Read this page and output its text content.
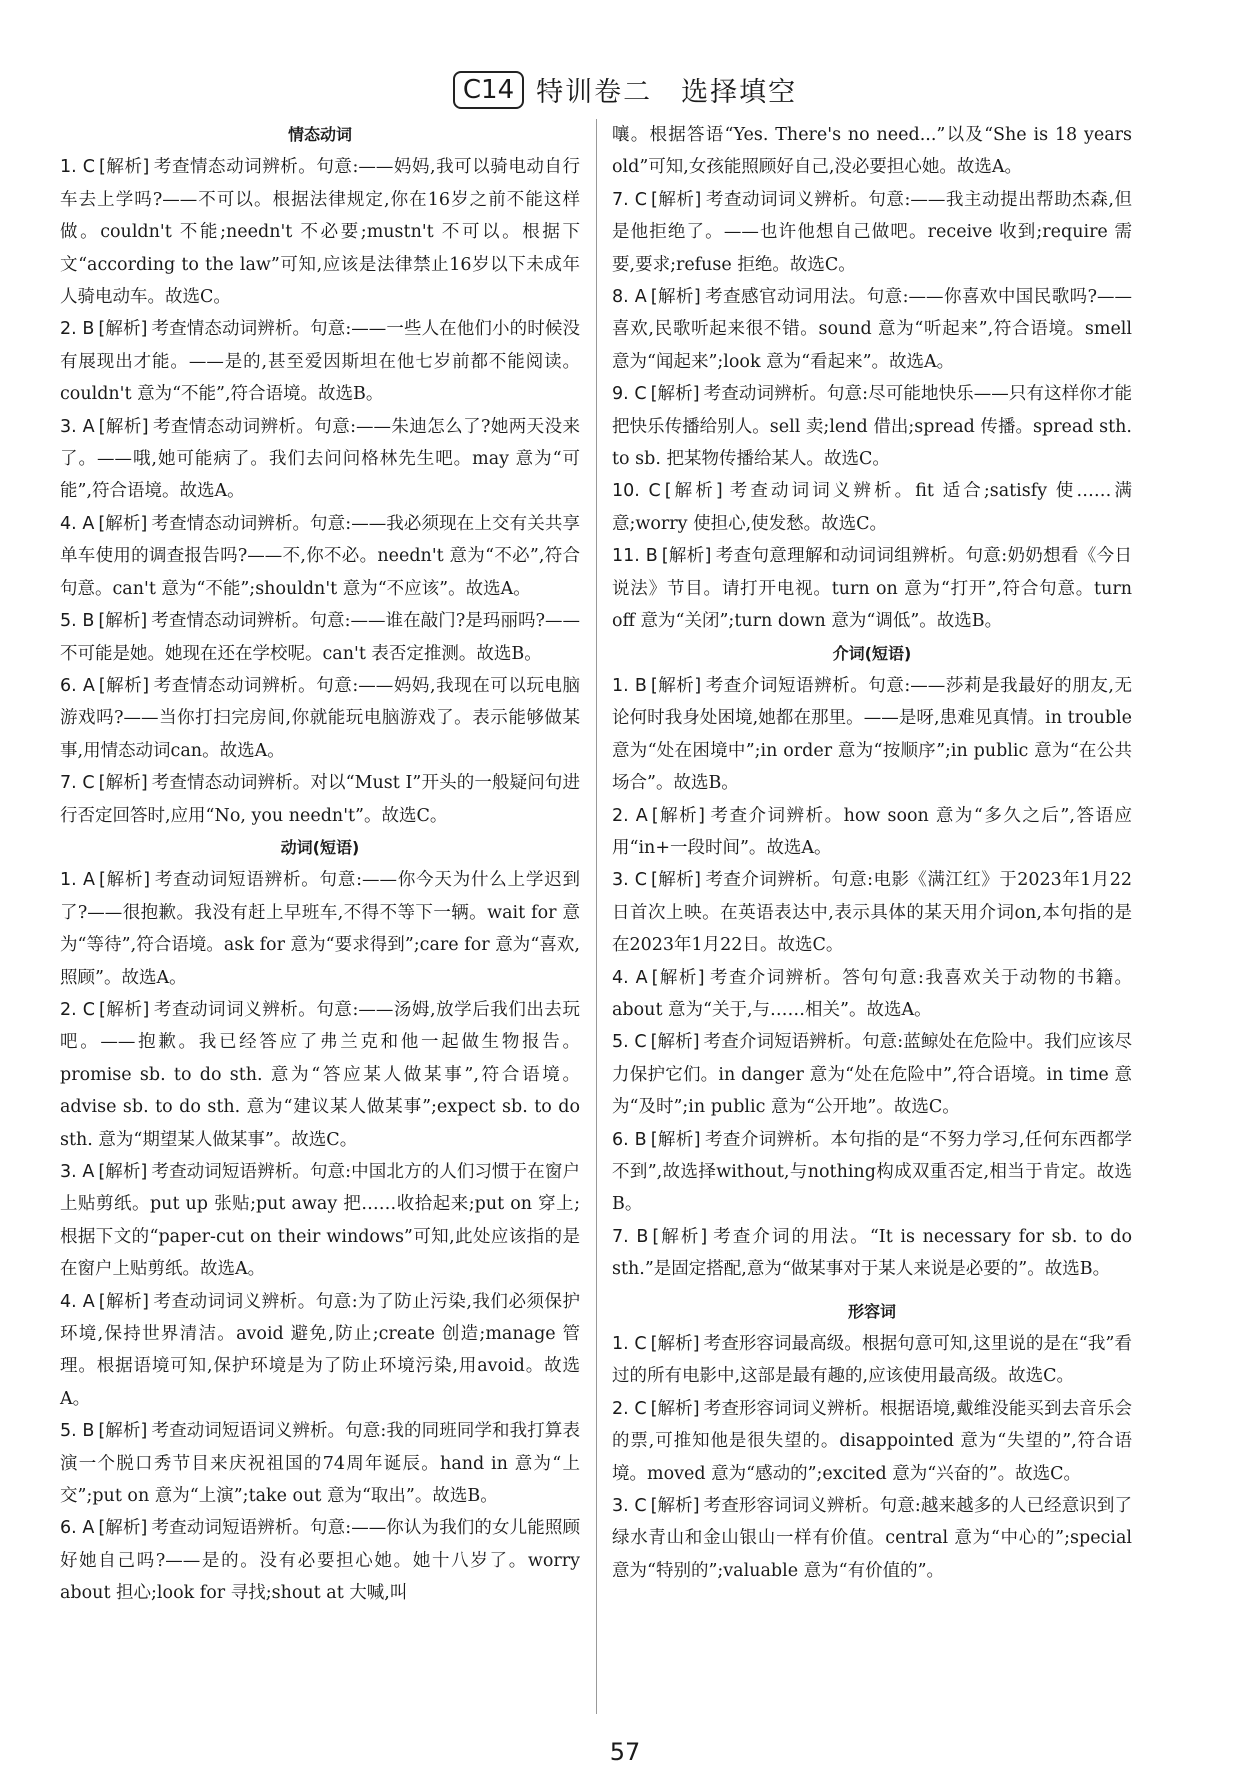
C14 特训卷二　选择填空
情态动词

1. C [解析] 考查情态动词辨析。句意:——妈妈,我可以骑电动自行车去上学吗?——不可以。根据法律规定,你在16岁之前不能这样做。couldn't 不能;needn't 不必要;mustn't 不可以。根据下文“according to the law”可知,应该是法律禁止16岁以下未成年人骑电动车。故选C。

2. B [解析] 考查情态动词辨析。句意:——一些人在他们小的时候没有展现出才能。——是的,甚至爱因斯坦在他七岁前都不能阅读。couldn't 意为“不能”,符合语境。故选B。

3. A [解析] 考查情态动词辨析。句意:——朱迪怎么了?她两天没来了。——哦,她可能病了。我们去问问格林先生吧。may 意为“可能”,符合语境。故选A。

4. A [解析] 考查情态动词辨析。句意:——我必须现在上交有关共享单车使用的调查报告吗?——不,你不必。needn't 意为“不必”,符合句意。can't 意为“不能”;shouldn't 意为“不应该”。故选A。

5. B [解析] 考查情态动词辨析。句意:——谁在敲门?是玛丽吗?——不可能是她。她现在还在学校呢。can't 表否定推测。故选B。

6. A [解析] 考查情态动词辨析。句意:——妈妈,我现在可以玩电脑游戏吗?——当你打扫完房间,你就能玩电脑游戏了。表示能够做某事,用情态动词can。故选A。

7. C [解析] 考查情态动词辨析。对以“Must I”开头的一般疑问句进行否定回答时,应用“No, you needn't”。故选C。

动词(短语)

1. A [解析] 考查动词短语辨析。句意:——你今天为什么上学迟到了?——很抱歉。我没有赶上早班车,不得不等下一辆。wait for 意为“等待”,符合语境。ask for 意为“要求得到”;care for 意为“喜欢,照顾”。故选A。

2. C [解析] 考查动词词义辨析。句意:——汤姆,放学后我们出去玩吧。——抱歉。我已经答应了弗兰克和他一起做生物报告。promise sb. to do sth. 意为“答应某人做某事”,符合语境。advise sb. to do sth. 意为“建议某人做某事”;expect sb. to do sth. 意为“期望某人做某事”。故选C。

3. A [解析] 考查动词短语辨析。句意:中国北方的人们习惯于在窗户上贴剪纸。put up 张贴;put away 把……收拾起来;put on 穿上;根据下文的“paper-cut on their windows”可知,此处应该指的是在窗户上贴剪纸。故选A。

4. A [解析] 考查动词词义辨析。句意:为了防止污染,我们必须保护环境,保持世界清洁。avoid 避免,防止;create 创造;manage 管理。根据语境可知,保护环境是为了防止环境污染,用avoid。故选A。

5. B [解析] 考查动词短语词义辨析。句意:我的同班同学和我打算表演一个脱口秀节目来庆祝祖国的74周年诞辰。hand in 意为“上交”;put on 意为“上演”;take out 意为“取出”。故选B。

6. A [解析] 考查动词短语辨析。句意:——你认为我们的女儿能照顾好她自己吗?——是的。没有必要担心她。她十八岁了。worry about 担心;look for 寻找;shout at 大喊,叫

嚷。根据答语“Yes. There's no need...”以及“She is 18 years old”可知,女孩能照顾好自己,没必要担心她。故选A。

7. C [解析] 考查动词词义辨析。句意:——我主动提出帮助杰森,但是他拒绝了。——也许他想自己做吧。receive 收到;require 需要,要求;refuse 拒绝。故选C。

8. A [解析] 考查感官动词用法。句意:——你喜欢中国民歌吗?——喜欢,民歌听起来很不错。sound 意为“听起来”,符合语境。smell 意为“闻起来”;look 意为“看起来”。故选A。

9. C [解析] 考查动词辨析。句意:尽可能地快乐——只有这样你才能把快乐传播给别人。sell 卖;lend 借出;spread 传播。spread sth. to sb. 把某物传播给某人。故选C。

10. C [解析] 考查动词词义辨析。fit 适合;satisfy 使……满意;worry 使担心,使发愁。故选C。

11. B [解析] 考查句意理解和动词词组辨析。句意:奶奶想看《今日说法》节目。请打开电视。turn on 意为“打开”,符合句意。turn off 意为“关闭”;turn down 意为“调低”。故选B。

介词(短语)

1. B [解析] 考查介词短语辨析。句意:——莎莉是我最好的朋友,无论何时我身处困境,她都在那里。——是呀,患难见真情。in trouble 意为“处在困境中”;in order 意为“按顺序”;in public 意为“在公共场合”。故选B。

2. A [解析] 考查介词辨析。how soon 意为“多久之后”,答语应用“in+一段时间”。故选A。

3. C [解析] 考查介词辨析。句意:电影《满江红》于2023年1月22日首次上映。在英语表达中,表示具体的某天用介词on,本句指的是在2023年1月22日。故选C。

4. A [解析] 考查介词辨析。答句句意:我喜欢关于动物的书籍。about 意为“关于,与……相关”。故选A。

5. C [解析] 考查介词短语辨析。句意:蓝鲸处在危险中。我们应该尽力保护它们。in danger 意为“处在危险中”,符合语境。in time 意为“及时”;in public 意为“公开地”。故选C。

6. B [解析] 考查介词辨析。本句指的是“不努力学习,任何东西都学不到”,故选择without,与nothing构成双重否定,相当于肯定。故选B。

7. B [解析] 考查介词的用法。“It is necessary for sb. to do sth.”是固定搭配,意为“做某事对于某人来说是必要的”。故选B。

形容词

1. C [解析] 考查形容词最高级。根据句意可知,这里说的是在“我”看过的所有电影中,这部是最有趣的,应该使用最高级。故选C。

2. C [解析] 考查形容词词义辨析。根据语境,戴维没能买到去音乐会的票,可推知他是很失望的。disappointed 意为“失望的”,符合语境。moved 意为“感动的”;excited 意为“兴奋的”。故选C。

3. C [解析] 考查形容词词义辨析。句意:越来越多的人已经意识到了绿水青山和金山银山一样有价值。central 意为“中心的”;special 意为“特别的”;valuable 意为“有价值的”。

57
